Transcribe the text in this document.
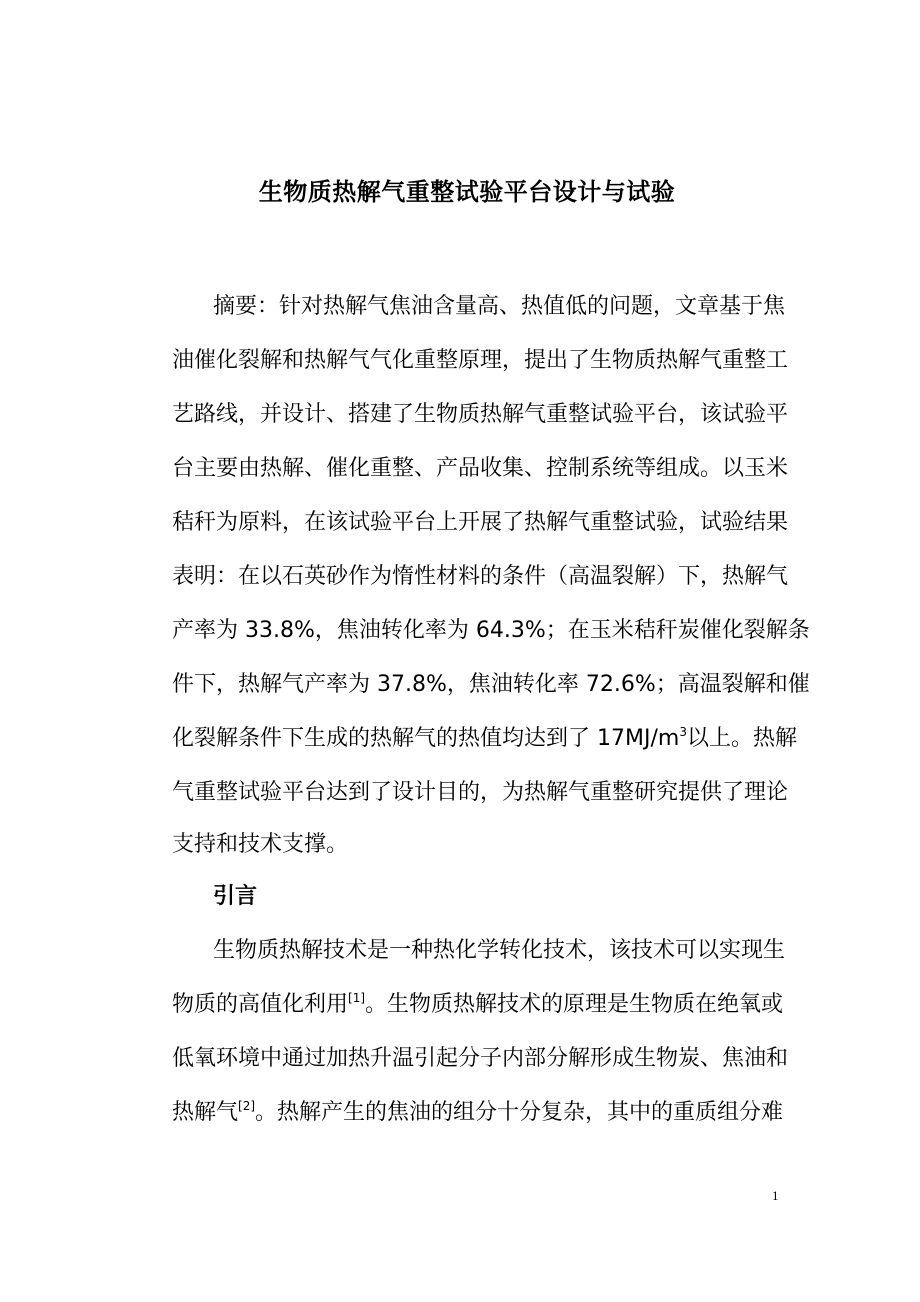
生物质热解气重整试验平台设计与试验
摘要：针对热解气焦油含量高、热值低的问题，文章基于焦
油催化裂解和热解气气化重整原理，提出了生物质热解气重整工
艺路线，并设计、搭建了生物质热解气重整试验平台，该试验平
台主要由热解、催化重整、产品收集、控制系统等组成。以玉米
秸秆为原料，在该试验平台上开展了热解气重整试验，试验结果
表明：在以石英砂作为惰性材料的条件（高温裂解）下，热解气
产率为 33.8%，焦油转化率为 64.3%；在玉米秸秆炭催化裂解条
件下，热解气产率为 37.8%，焦油转化率 72.6%；高温裂解和催
化裂解条件下生成的热解气的热值均达到了 $17MJ/m^3$以上。热解
气重整试验平台达到了设计目的，为热解气重整研究提供了理论
支持和技术支撑。
引言
生物质热解技术是一种热化学转化技术，该技术可以实现生
物质的高值化利用[1]。生物质热解技术的原理是生物质在绝氧或
低氧环境中通过加热升温引起分子内部分解形成生物炭、焦油和
热解气[2]。热解产生的焦油的组分十分复杂，其中的重质组分难
1
